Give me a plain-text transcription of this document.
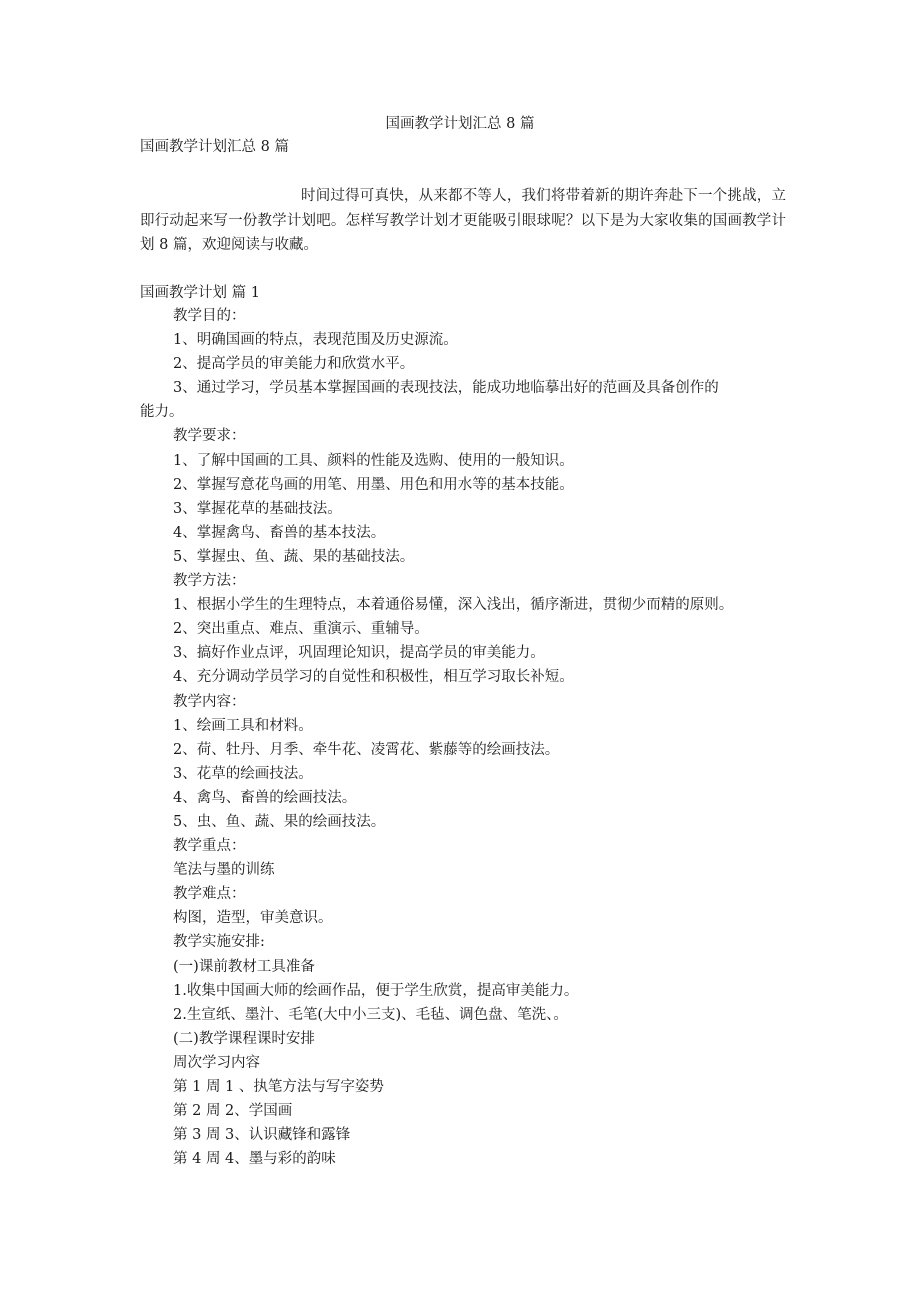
国画教学计划汇总 8 篇
国画教学计划汇总 8 篇
时间过得可真快，从来都不等人，我们将带着新的期许奔赴下一个挑战，立即行动起来写一份教学计划吧。怎样写教学计划才更能吸引眼球呢？以下是为大家收集的国画教学计划 8 篇，欢迎阅读与收藏。
国画教学计划 篇 1
教学目的：
1、明确国画的特点，表现范围及历史源流。
2、提高学员的审美能力和欣赏水平。
3、通过学习，学员基本掌握国画的表现技法，能成功地临摹出好的范画及具备创作的
能力。
教学要求：
1、了解中国画的工具、颜料的性能及选购、使用的一般知识。
2、掌握写意花鸟画的用笔、用墨、用色和用水等的基本技能。
3、掌握花草的基础技法。
4、掌握禽鸟、畜兽的基本技法。
5、掌握虫、鱼、蔬、果的基础技法。
教学方法：
1、根据小学生的生理特点，本着通俗易懂，深入浅出，循序渐进，贯彻少而精的原则。
2、突出重点、难点、重演示、重辅导。
3、搞好作业点评，巩固理论知识，提高学员的审美能力。
4、充分调动学员学习的自觉性和积极性，相互学习取长补短。
教学内容：
1、绘画工具和材料。
2、荷、牡丹、月季、牵牛花、凌霄花、紫藤等的绘画技法。
3、花草的绘画技法。
4、禽鸟、畜兽的绘画技法。
5、虫、鱼、蔬、果的绘画技法。
教学重点：
笔法与墨的训练
教学难点：
构图，造型，审美意识。
教学实施安排:
(一)课前教材工具准备
1.收集中国画大师的绘画作品，便于学生欣赏，提高审美能力。
2.生宣纸、墨汁、毛笔(大中小三支)、毛毡、调色盘、笔洗、。
(二)教学课程课时安排
周次学习内容
第 1 周 1 、执笔方法与写字姿势
第 2 周 2、学国画
第 3 周 3、认识藏锋和露锋
第 4 周 4、墨与彩的韵味
